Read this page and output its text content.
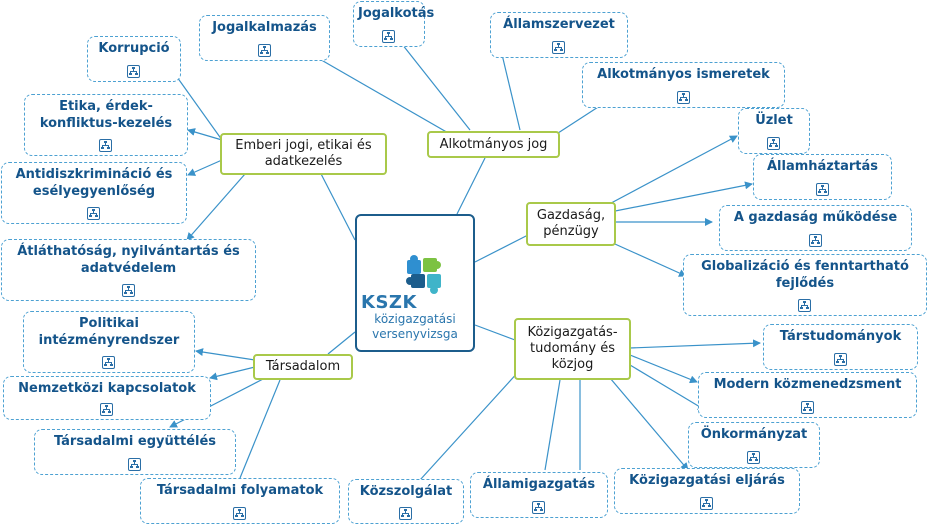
KSZK
közigazgatási
versenyvizsga
Alkotmányos jog
Emberi jogi, etikai és
adatkezelés
Gazdaság,
pénzügy
Közigazgatás-
tudomány és
közjog
Társadalom
Jogalkalmazás
Jogalkotás
Államszervezet
Alkotmányos ismeretek
Korrupció
Etika, érdek-
konfliktus-kezelés
Antidiszkrimináció és
esélyegyenlőség
Átláthatóság, nyilvántartás és
adatvédelem
Üzlet
Államháztartás
A gazdaság működése
Globalizáció és fenntartható
fejlődés
Politikai
intézményrendszer
Nemzetközi kapcsolatok
Társadalmi együttélés
Társadalmi folyamatok	Közszolgálat	Államigazgatás	Közigazgatási eljárás
Önkormányzat
Modern közmenedzsment
Társtudományok
